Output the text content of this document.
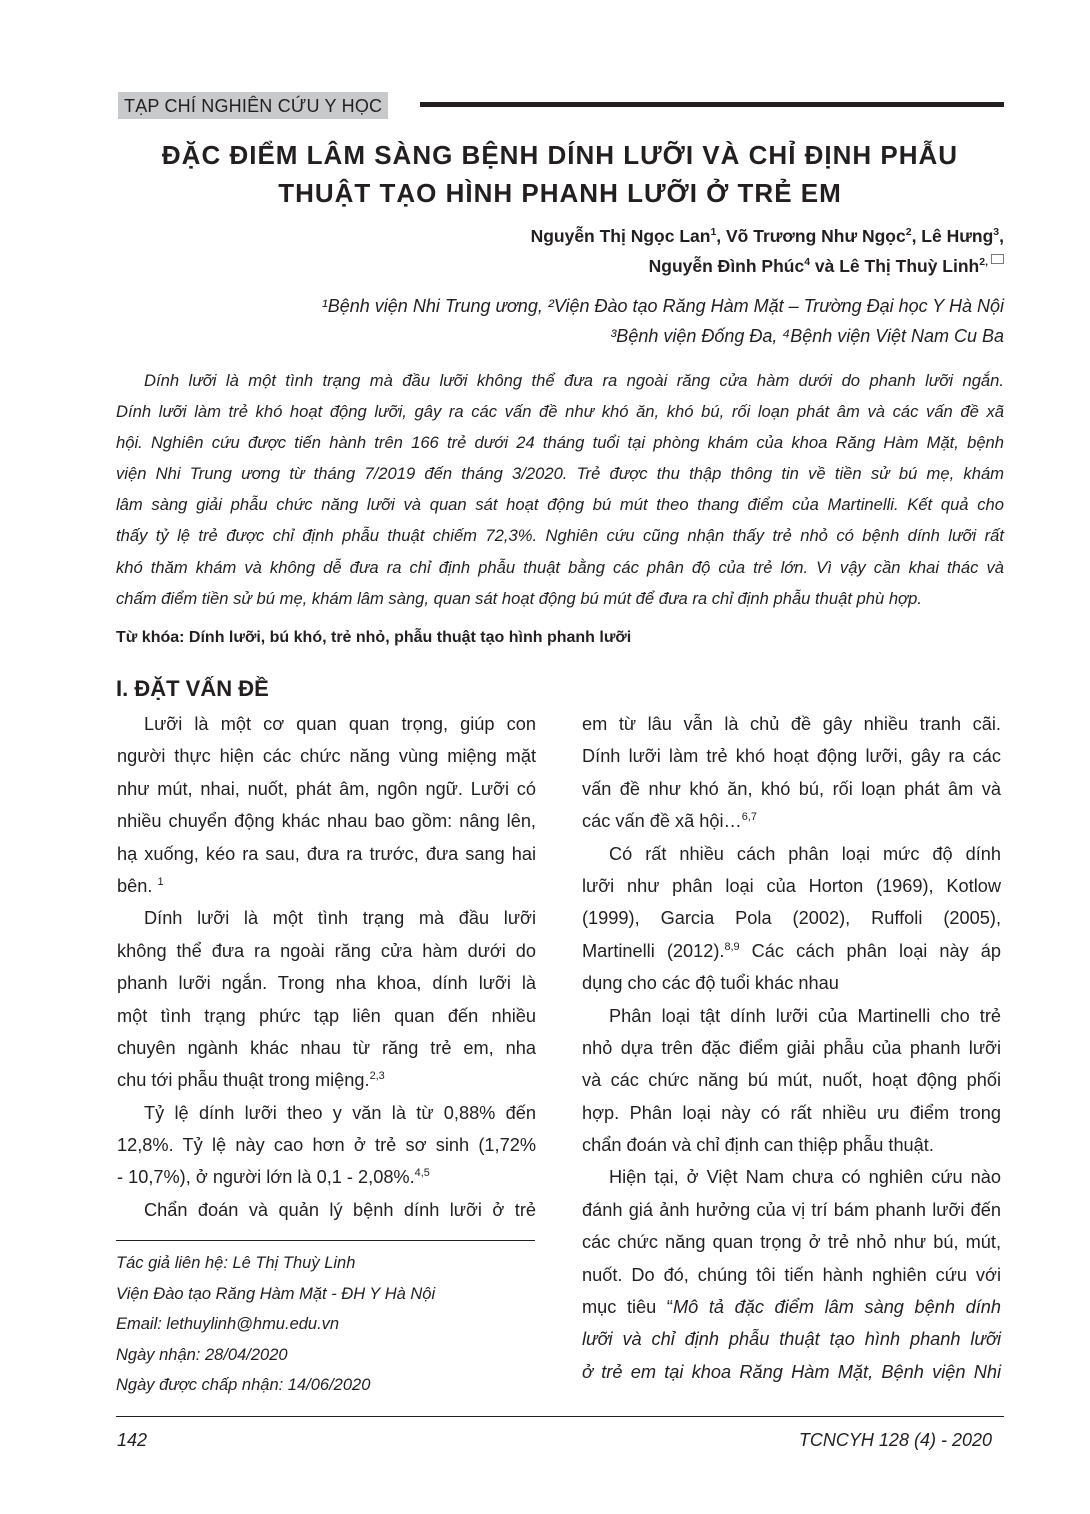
TẠP CHÍ NGHIÊN CỨU Y HỌC
ĐẶC ĐIỂM LÂM SÀNG BỆNH DÍNH LƯỠI VÀ CHỈ ĐỊNH PHẪU
THUẬT TẠO HÌNH PHANH LƯỠI Ở TRẺ EM
Nguyễn Thị Ngọc Lan$^1$, Võ Trương Như Ngọc$^2$, Lê Hưng$^3$,
Nguyễn Đình Phúc$^4$ và Lê Thị Thuỳ Linh$^{2,}$
¹Bệnh viện Nhi Trung ương, ²Viện Đào tạo Răng Hàm Mặt – Trường Đại học Y Hà Nội
³Bệnh viện Đống Đa, ⁴Bệnh viện Việt Nam Cu Ba
Dính lưỡi là một tình trạng mà đầu lưỡi không thể đưa ra ngoài răng cửa hàm dưới do phanh lưỡi ngắn.
Dính lưỡi làm trẻ khó hoạt động lưỡi, gây ra các vấn đề như khó ăn, khó bú, rối loạn phát âm và các vấn đề xã
hội. Nghiên cứu được tiến hành trên 166 trẻ dưới 24 tháng tuổi tại phòng khám của khoa Răng Hàm Mặt, bệnh
viện Nhi Trung ương từ tháng 7/2019 đến tháng 3/2020. Trẻ được thu thập thông tin về tiền sử bú mẹ, khám
lâm sàng giải phẫu chức năng lưỡi và quan sát hoạt động bú mút theo thang điểm của Martinelli. Kết quả cho
thấy tỷ lệ trẻ được chỉ định phẫu thuật chiếm 72,3%. Nghiên cứu cũng nhận thấy trẻ nhỏ có bệnh dính lưỡi rất
khó thăm khám và không dễ đưa ra chỉ định phẫu thuật bằng các phân độ của trẻ lớn. Vì vậy cần khai thác và
chấm điểm tiền sử bú mẹ, khám lâm sàng, quan sát hoạt động bú mút để đưa ra chỉ định phẫu thuật phù hợp.
Từ khóa: Dính lưỡi, bú khó, trẻ nhỏ, phẫu thuật tạo hình phanh lưỡi
I. ĐẶT VẤN ĐỀ
Lưỡi là một cơ quan quan trọng, giúp con
người thực hiện các chức năng vùng miệng mặt
như mút, nhai, nuốt, phát âm, ngôn ngữ. Lưỡi có
nhiều chuyển động khác nhau bao gồm: nâng lên,
hạ xuống, kéo ra sau, đưa ra trước, đưa sang hai
bên. $^1$
Dính lưỡi là một tình trạng mà đầu lưỡi
không thể đưa ra ngoài răng cửa hàm dưới do
phanh lưỡi ngắn. Trong nha khoa, dính lưỡi là
một tình trạng phức tạp liên quan đến nhiều
chuyên ngành khác nhau từ răng trẻ em, nha
chu tới phẫu thuật trong miệng.$^{2,3}$
Tỷ lệ dính lưỡi theo y văn là từ 0,88% đến
12,8%. Tỷ lệ này cao hơn ở trẻ sơ sinh (1,72%
- 10,7%), ở người lớn là 0,1 - 2,08%.$^{4,5}$
Chẩn đoán và quản lý bệnh dính lưỡi ở trẻ
Tác giả liên hệ: Lê Thị Thuỳ Linh
Viện Đào tạo Răng Hàm Mặt - ĐH Y Hà Nội
Email: lethuylinh@hmu.edu.vn
Ngày nhận: 28/04/2020
Ngày được chấp nhận: 14/06/2020
em từ lâu vẫn là chủ đề gây nhiều tranh cãi.
Dính lưỡi làm trẻ khó hoạt động lưỡi, gây ra các
vấn đề như khó ăn, khó bú, rối loạn phát âm và
các vấn đề xã hội…$^{6,7}$
Có rất nhiều cách phân loại mức độ dính
lưỡi như phân loại của Horton (1969), Kotlow
(1999), Garcia Pola (2002), Ruffoli (2005),
Martinelli (2012).$^{8,9}$ Các cách phân loại này áp
dụng cho các độ tuổi khác nhau
Phân loại tật dính lưỡi của Martinelli cho trẻ
nhỏ dựa trên đặc điểm giải phẫu của phanh lưỡi
và các chức năng bú mút, nuốt, hoạt động phối
hợp. Phân loại này có rất nhiều ưu điểm trong
chẩn đoán và chỉ định can thiệp phẫu thuật.
Hiện tại, ở Việt Nam chưa có nghiên cứu nào
đánh giá ảnh hưởng của vị trí bám phanh lưỡi đến
các chức năng quan trọng ở trẻ nhỏ như bú, mút,
nuốt. Do đó, chúng tôi tiến hành nghiên cứu với
mục tiêu “Mô tả đặc điểm lâm sàng bệnh dính
lưỡi và chỉ định phẫu thuật tạo hình phanh lưỡi
ở trẻ em tại khoa Răng Hàm Mặt, Bệnh viện Nhi
142	TCNCYH 128 (4) - 2020
